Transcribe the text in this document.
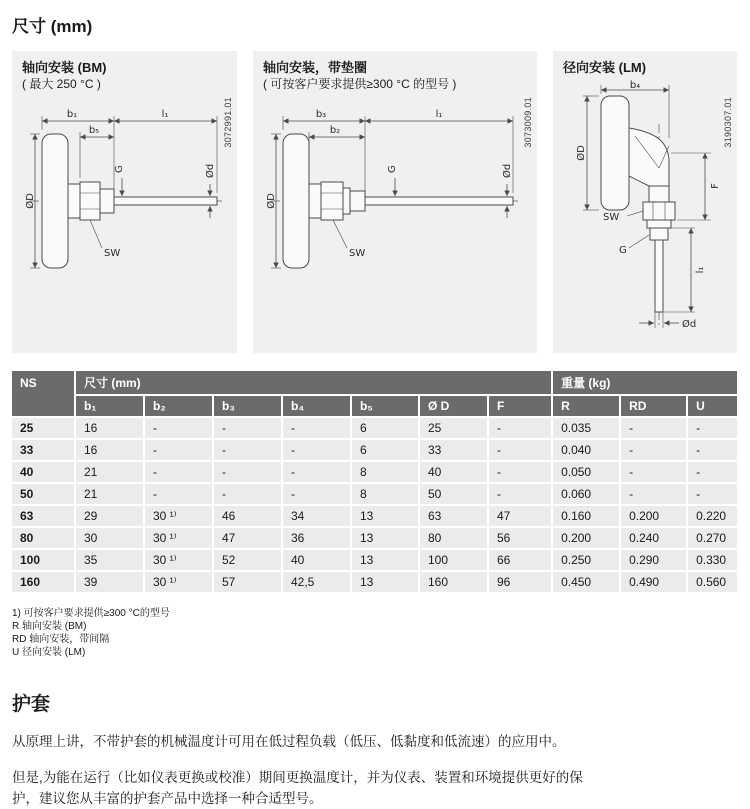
尺寸 (mm)
轴向安装 (BM)
( 最大 250 °C )
3072991.01
b₁	l₁
b₅
G
ØD
Ød
SW
轴向安装，带垫圈
( 可按客户要求提供≥300 °C 的型号 )
3073009.01
b₃	l₁
b₂
G
ØD
Ød
SW
径向安装 (LM)
3190307.01
b₄
ØD
F
l₁
SW
G
Ød
NS	尺寸 (mm)							重量 (kg)		
	b₁	b₂	b₃	b₄	b₅	Ø D	F	R	RD	U
25	16	-	-	-	6	25	-	0.035	-	-
33	16	-	-	-	6	33	-	0.040	-	-
40	21	-	-	-	8	40	-	0.050	-	-
50	21	-	-	-	8	50	-	0.060	-	-
63	29	30 ¹⁾	46	34	13	63	47	0.160	0.200	0.220
80	30	30 ¹⁾	47	36	13	80	56	0.200	0.240	0.270
100	35	30 ¹⁾	52	40	13	100	66	0.250	0.290	0.330
160	39	30 ¹⁾	57	42,5	13	160	96	0.450	0.490	0.560
1) 可按客户要求提供≥300 °C的型号
R 轴向安装 (BM)
RD 轴向安装，带间隔
U 径向安装 (LM)
护套

从原理上讲，不带护套的机械温度计可用在低过程负载（低压、低黏度和低流速）的应用中。

但是,为能在运行（比如仪表更换或校准）期间更换温度计，并为仪表、装置和环境提供更好的保护，建议您从丰富的护套产品中选择一种合适型号。
